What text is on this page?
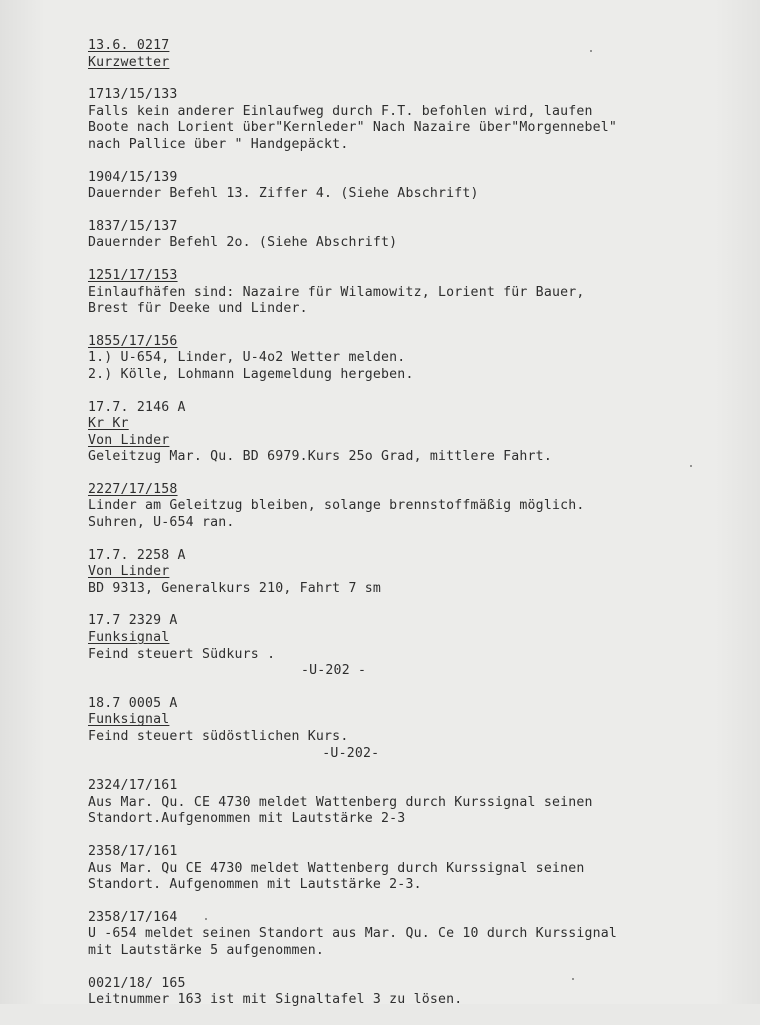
13.6. 0217
Kurzwetter
1713/15/133
Falls kein anderer Einlaufweg durch F.T. befohlen wird, laufen
Boote nach Lorient über"Kernleder" Nach Nazaire über"Morgennebel"
nach Pallice über " Handgepäckt.
1904/15/139
Dauernder Befehl 13. Ziffer 4. (Siehe Abschrift)
1837/15/137
Dauernder Befehl 2o. (Siehe Abschrift)
1251/17/153
Einlaufhäfen sind: Nazaire für Wilamowitz, Lorient für Bauer,
Brest für Deeke und Linder.
1855/17/156
1.) U-654, Linder, U-4o2 Wetter melden.
2.) Kölle, Lohmann Lagemeldung hergeben.
17.7. 2146 A
Kr Kr
Von Linder
Geleitzug Mar. Qu. BD 6979.Kurs 25o Grad, mittlere Fahrt.
2227/17/158
Linder am Geleitzug bleiben, solange brennstoffmäßig möglich.
Suhren, U-654 ran.
17.7. 2258 A
Von Linder
BD 9313, Generalkurs 210, Fahrt 7 sm
17.7 2329 A
Funksignal
Feind steuert Südkurs .
-U-202 -
18.7 0005 A
Funksignal
Feind steuert südöstlichen Kurs.
-U-202-
2324/17/161
Aus Mar. Qu. CE 4730 meldet Wattenberg durch Kurssignal seinen
Standort.Aufgenommen mit Lautstärke 2-3
2358/17/161
Aus Mar. Qu CE 4730 meldet Wattenberg durch Kurssignal seinen
Standort. Aufgenommen mit Lautstärke 2-3.
2358/17/164
U -654 meldet seinen Standort aus Mar. Qu. Ce 10 durch Kurssignal
mit Lautstärke 5 aufgenommen.
0021/18/ 165
Leitnummer 163 ist mit Signaltafel 3 zu lösen.
